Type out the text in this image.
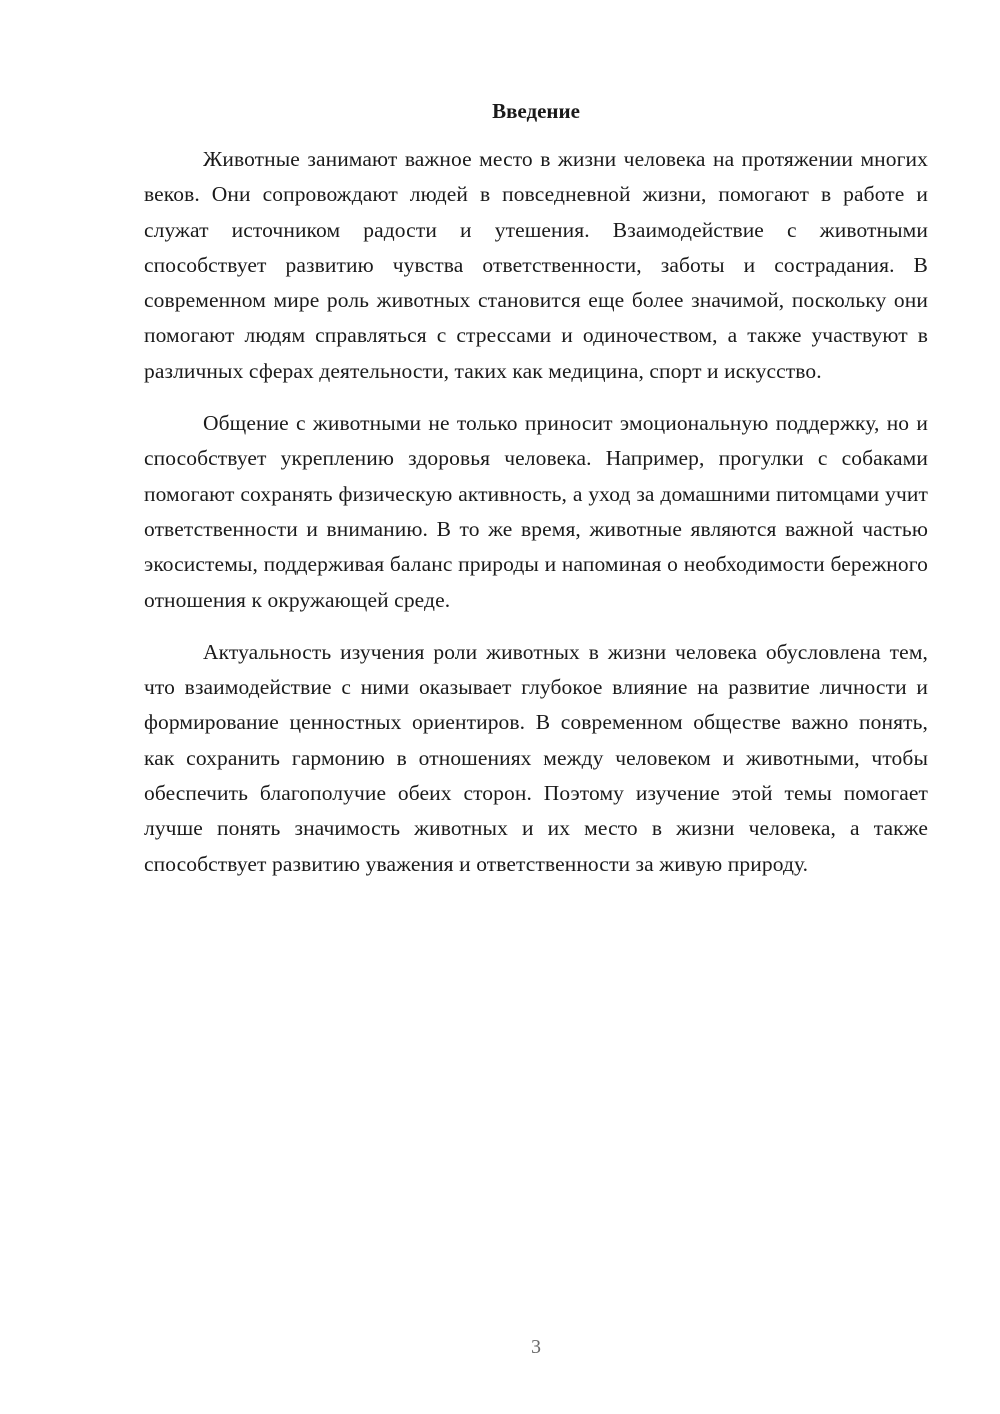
Введение

Животные занимают важное место в жизни человека на протяжении многих веков. Они сопровождают людей в повседневной жизни, помогают в работе и служат источником радости и утешения. Взаимодействие с животными способствует развитию чувства ответственности, заботы и сострадания. В современном мире роль животных становится еще более значимой, поскольку они помогают людям справляться с стрессами и одиночеством, а также участвуют в различных сферах деятельности, таких как медицина, спорт и искусство.

Общение с животными не только приносит эмоциональную поддержку, но и способствует укреплению здоровья человека. Например, прогулки с собаками помогают сохранять физическую активность, а уход за домашними питомцами учит ответственности и вниманию. В то же время, животные являются важной частью экосистемы, поддерживая баланс природы и напоминая о необходимости бережного отношения к окружающей среде.

Актуальность изучения роли животных в жизни человека обусловлена тем, что взаимодействие с ними оказывает глубокое влияние на развитие личности и формирование ценностных ориентиров. В современном обществе важно понять, как сохранить гармонию в отношениях между человеком и животными, чтобы обеспечить благополучие обеих сторон. Поэтому изучение этой темы помогает лучше понять значимость животных и их место в жизни человека, а также способствует развитию уважения и ответственности за живую природу.

3
